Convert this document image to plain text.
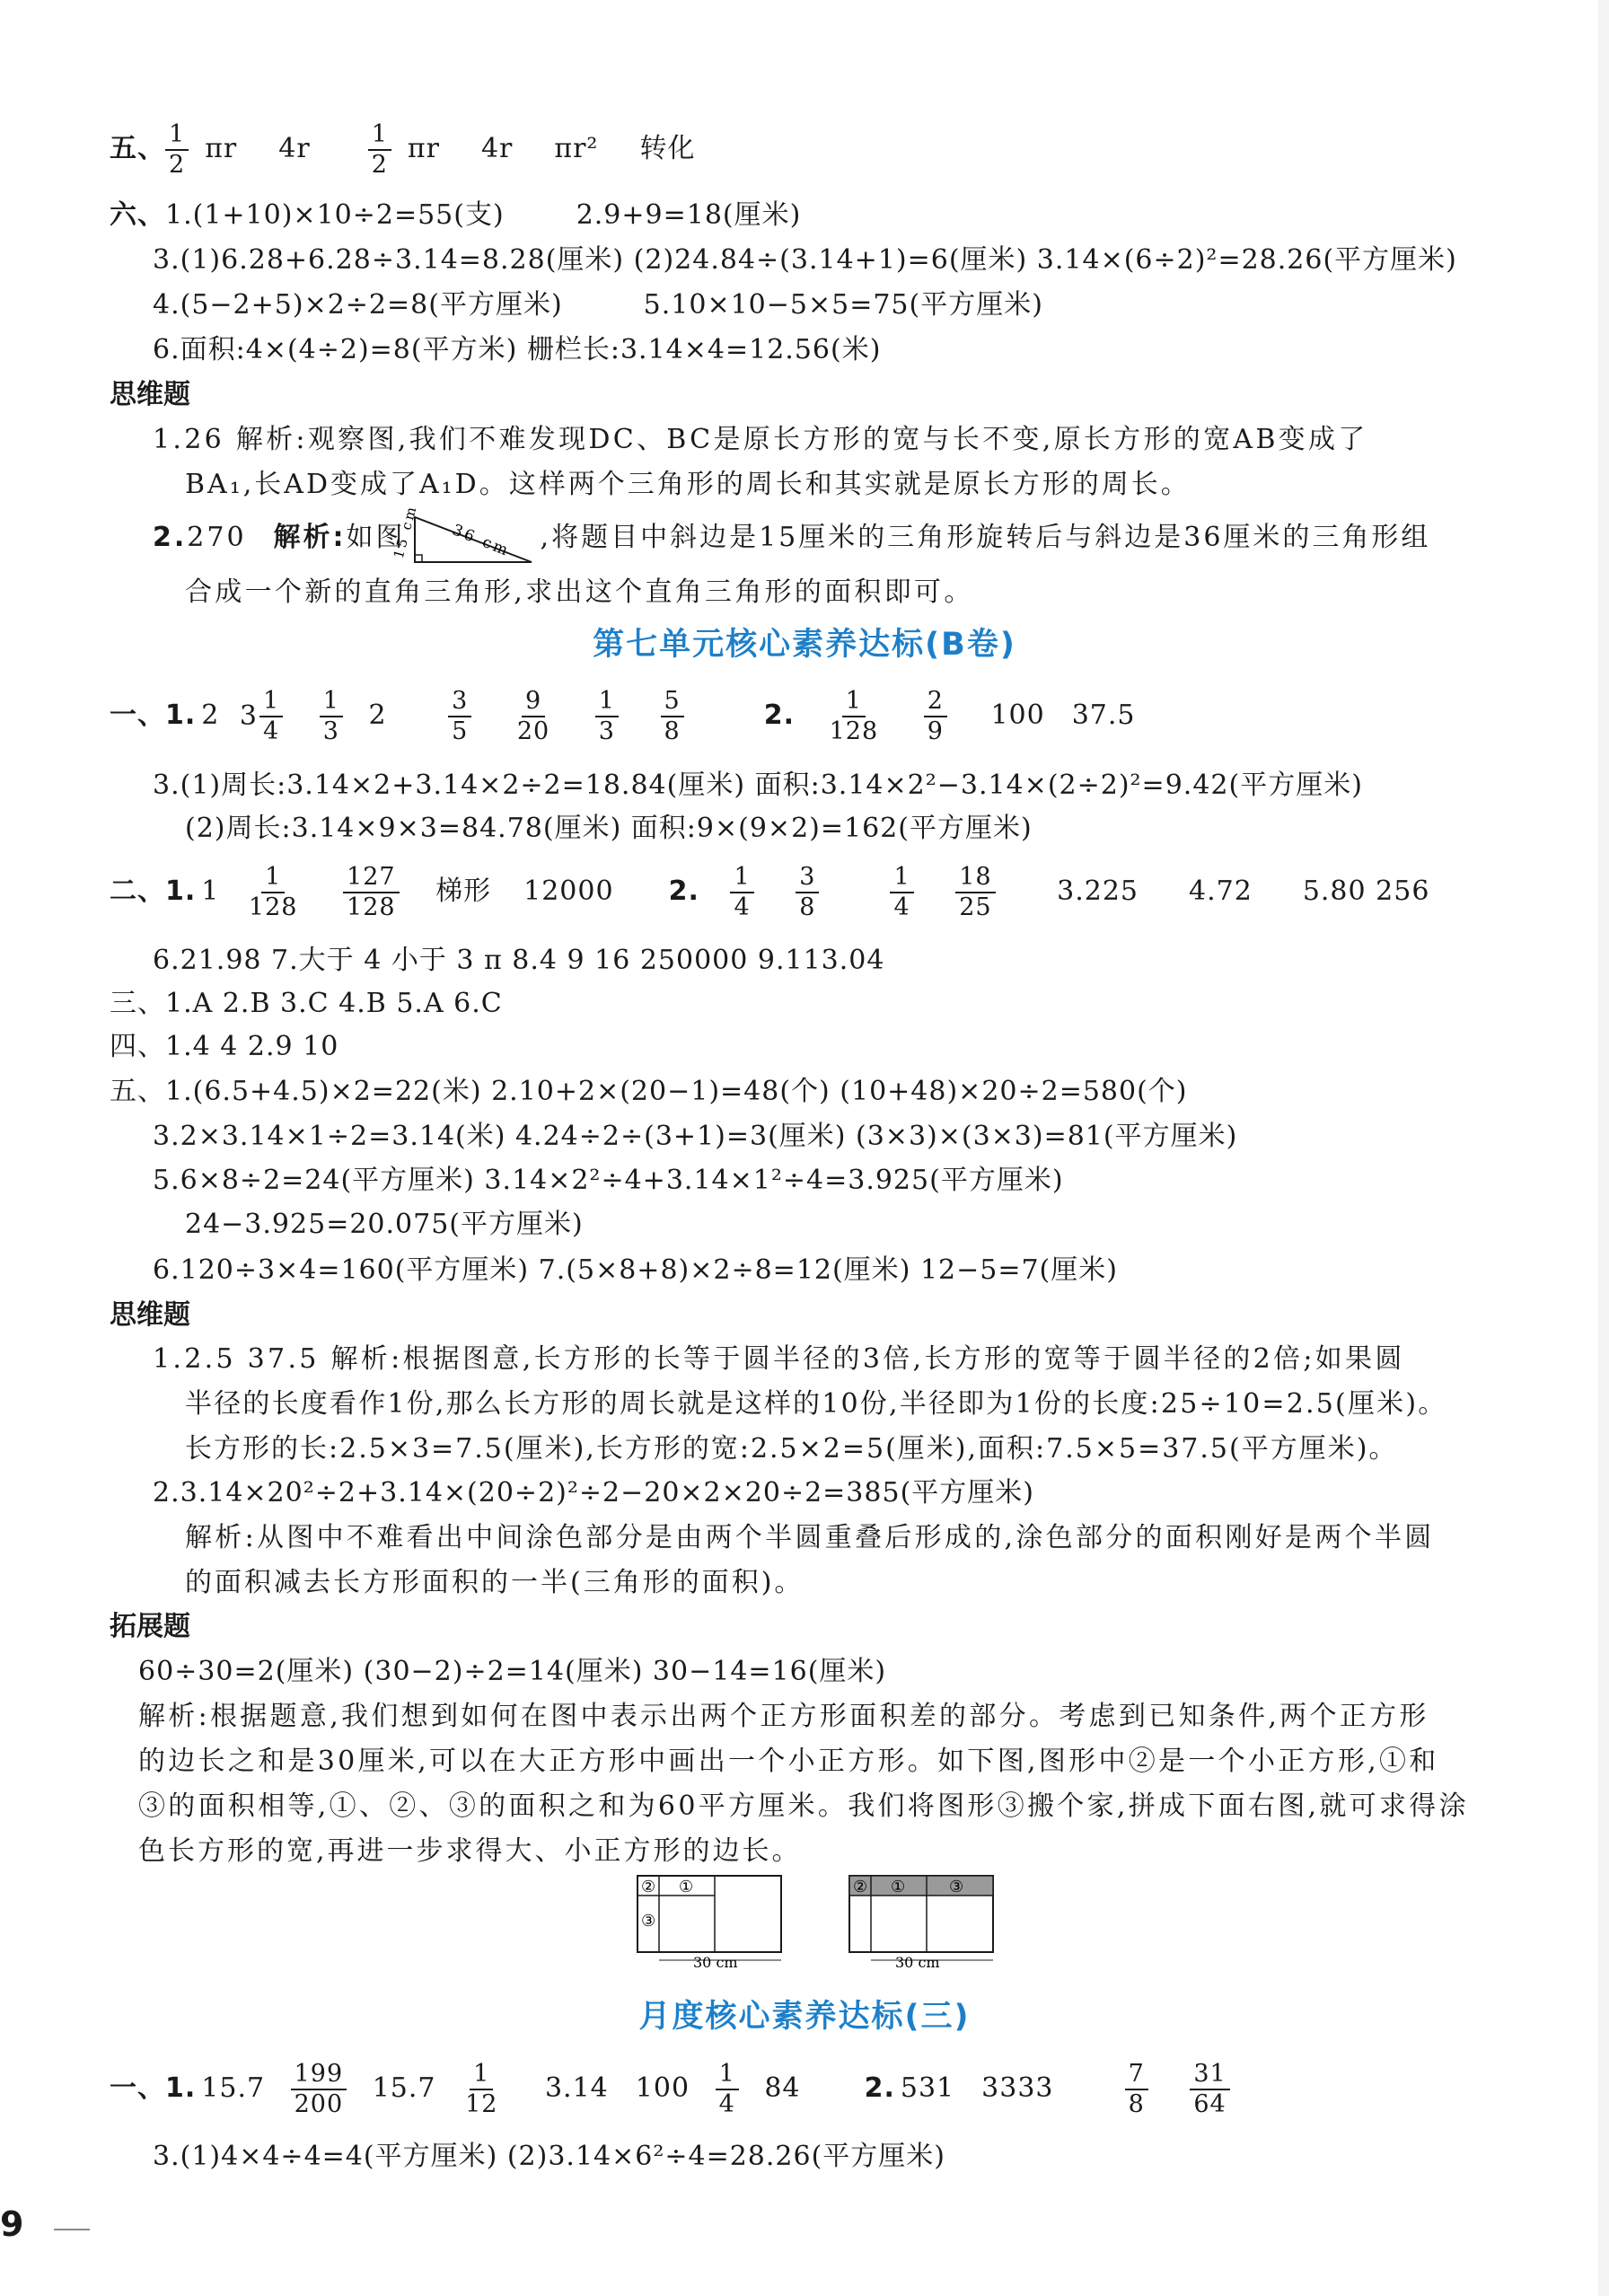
五、 $\frac{1}{2}$ πr $4r \frac{1}{2}$ πr 4r πr² 转化
六、1.(1+10)×10÷2=55(支)	2.9+9=18(厘米)
3.(1)6.28+6.28÷3.14=8.28(厘米) (2)24.84÷(3.14+1)=6(厘米) 3.14×(6÷2)²=28.26(平方厘米)
4.(5−2+5)×2÷2=8(平方厘米)	5.10×10−5×5=75(平方厘米)
6.面积:4×(4÷2)=8(平方米) 栅栏长:3.14×4=12.56(米)
思维题
1.26 解析:观察图,我们不难发现DC、BC是原长方形的宽与长不变,原长方形的宽AB变成了
BA₁,长AD变成了A₁D。这样两个三角形的周长和其实就是原长方形的周长。
2.270 解析:如图	36 cm
15 cm	,将题目中斜边是15厘米的三角形旋转后与斜边是36厘米的三角形组
合成一个新的直角三角形,求出这个直角三角形的面积即可。
第七单元核心素养达标(B卷)
一、1. 2 3 1
4
$\frac{1}{3} 2$	$\frac{3}{5}$
$\frac{9}{20}$
$\frac{1}{3}$
$\frac{5}{8}$	2. $\frac{1}{128}$
$\frac{2}{9} 100$ 37.5
3.(1)周长:3.14×2+3.14×2÷2=18.84(厘米) 面积:3.14×2²−3.14×(2÷2)²=9.42(平方厘米)
(2)周长:3.14×9×3=84.78(厘米) 面积:9×(9×2)=162(平方厘米)
二、1. $1 \frac{1}{128}$
$\frac{127}{128}$ 梯形 12000 2. $\frac{1}{4}$
$\frac{3}{8}$
	$\frac{1}{4}$
$\frac{18}{25} 3.225$ 4.72 5.80 256
6.21.98 7.大于 4 小于 3 π 8.4 9 16 250000 9.113.04
三、1.A 2.B 3.C 4.B 5.A 6.C
四、1.4 4 2.9 10
五、1.(6.5+4.5)×2=22(米) 2.10+2×(20−1)=48(个) (10+48)×20÷2=580(个)
3.2×3.14×1÷2=3.14(米) 4.24÷2÷(3+1)=3(厘米) (3×3)×(3×3)=81(平方厘米)
5.6×8÷2=24(平方厘米) 3.14×2²÷4+3.14×1²÷4=3.925(平方厘米)
24−3.925=20.075(平方厘米)
6.120÷3×4=160(平方厘米) 7.(5×8+8)×2÷8=12(厘米) 12−5=7(厘米)
思维题
1.2.5 37.5 解析:根据图意,长方形的长等于圆半径的3倍,长方形的宽等于圆半径的2倍;如果圆
半径的长度看作1份,那么长方形的周长就是这样的10份,半径即为1份的长度:25÷10=2.5(厘米)。
长方形的长:2.5×3=7.5(厘米),长方形的宽:2.5×2=5(厘米),面积:7.5×5=37.5(平方厘米)。
2.3.14×20²÷2+3.14×(20÷2)²÷2−20×2×20÷2=385(平方厘米)
解析:从图中不难看出中间涂色部分是由两个半圆重叠后形成的,涂色部分的面积刚好是两个半圆
的面积减去长方形面积的一半(三角形的面积)。
拓展题
60÷30=2(厘米) (30−2)÷2=14(厘米) 30−14=16(厘米)
解析:根据题意,我们想到如何在图中表示出两个正方形面积差的部分。考虑到已知条件,两个正方形
的边长之和是30厘米,可以在大正方形中画出一个小正方形。如下图,图形中②是一个小正方形,①和
③的面积相等,①、②、③的面积之和为60平方厘米。我们将图形③搬个家,拼成下面右图,就可求得涂
色长方形的宽,再进一步求得大、小正方形的边长。
② ①
③
30 cm
② ①	③
30 cm
月度核心素养达标(三)
一、1. $15.7 \frac{199}{200} 15.7 \frac{1}{12} 3.14$ $100 \frac{1}{4} 84$ 2. 531 3333	$\frac{7}{8}$
$\frac{31}{64}$
3.(1)4×4÷4=4(平方厘米) (2)3.14×6²÷4=28.26(平方厘米)
9
